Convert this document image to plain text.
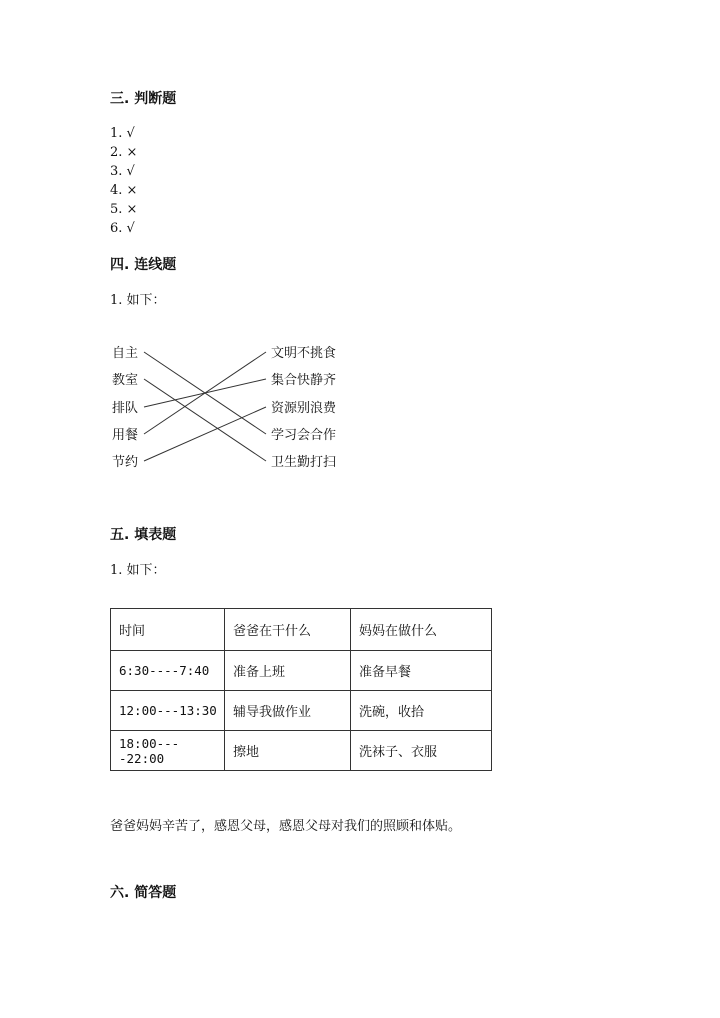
三. 判断题
1. √
2. ×
3. √
4. ×
5. ×
6. √
四. 连线题
1. 如下：
自主
教室
排队
用餐
节约
文明不挑食
集合快静齐
资源别浪费
学习会合作
卫生勤打扫
五. 填表题
1. 如下：
时间	爸爸在干什么	妈妈在做什么
6:30----7:40	准备上班	准备早餐
12:00---13:30	辅导我做作业	洗碗，收拾
18:00----22:00	擦地	洗袜子、衣服
爸爸妈妈辛苦了，感恩父母，感恩父母对我们的照顾和体贴。
六. 简答题
